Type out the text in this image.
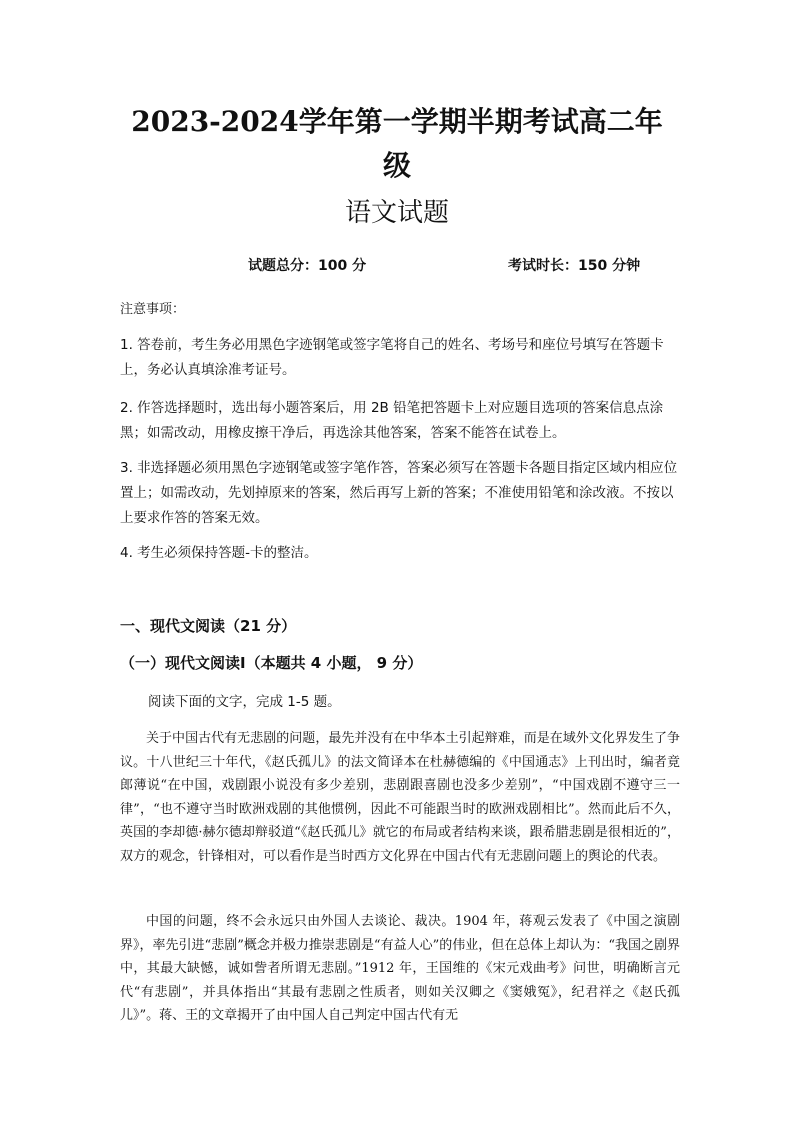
2023-2024学年第一学期半期考试高二年
级
语文试题
试题总分：100 分	考试时长：150 分钟
注意事项：
1. 答卷前，考生务必用黑色字迹钢笔或签字笔将自己的姓名、考场号和座位号填写在答题卡上，务必认真填涂准考证号。
2. 作答选择题时，选出每小题答案后，用 2B 铅笔把答题卡上对应题目选项的答案信息点涂黑；如需改动，用橡皮擦干净后，再选涂其他答案，答案不能答在试卷上。
3. 非选择题必须用黑色字迹钢笔或签字笔作答，答案必须写在答题卡各题目指定区域内相应位置上；如需改动，先划掉原来的答案，然后再写上新的答案；不准使用铅笔和涂改液。不按以上要求作答的答案无效。
4. 考生必须保持答题-卡的整洁。
一、现代文阅读（21 分）
（一）现代文阅读Ⅰ（本题共 4 小题， 9 分）
阅读下面的文字，完成 1-5 题。
关于中国古代有无悲剧的问题，最先并没有在中华本土引起辩难，而是在域外文化界发生了争议。十八世纪三十年代，《赵氏孤儿》的法文简译本在杜赫德编的《中国通志》上刊出时，编者竟郎薄说“在中国，戏剧跟小说没有多少差别，悲剧跟喜剧也没多少差别”，“中国戏剧不遵守三一律”，“也不遵守当时欧洲戏剧的其他惯例，因此不可能跟当时的欧洲戏剧相比”。然而此后不久，英国的李却德·赫尔德却辩驳道“《赵氏孤儿》就它的布局或者结构来谈，跟希腊悲剧是很相近的”，双方的观念，针锋相对，可以看作是当时西方文化界在中国古代有无悲剧问题上的舆论的代表。
中国的问题，终不会永远只由外国人去谈论、裁决。1904 年，蒋观云发表了《中国之演剧界》，率先引进“悲剧”概念并极力推崇悲剧是“有益人心”的伟业，但在总体上却认为：“我国之剧界中，其最大缺憾，诚如訾者所谓无悲剧。”1912 年，王国维的《宋元戏曲考》问世，明确断言元代“有悲剧”，并具体指出“其最有悲剧之性质者，则如关汉卿之《窦娥冤》，纪君祥之《赵氏孤儿》”。蒋、王的文章揭开了由中国人自己判定中国古代有无
